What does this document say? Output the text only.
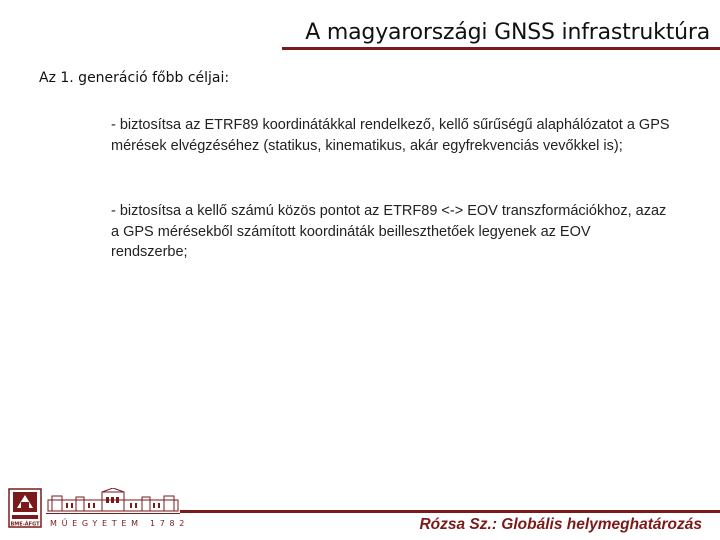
A magyarországi GNSS infrastruktúra
Az 1. generáció főbb céljai:

- biztosítsa az ETRF89 koordinátákkal rendelkező, kellő sűrűségű alaphálózatot a GPS mérések elvégzéséhez (statikus, kinematikus, akár egyfrekvenciás vevőkkel is);

- biztosítsa a kellő számú közös pontot az ETRF89 <-> EOV transzformációkhoz, azaz a GPS mérésekből számított koordináták beilleszthetőek legyenek az EOV rendszerbe;

BME-ÁFGT MŰEGYETEM 1782	Rózsa Sz.: Globális helymeghatározás
